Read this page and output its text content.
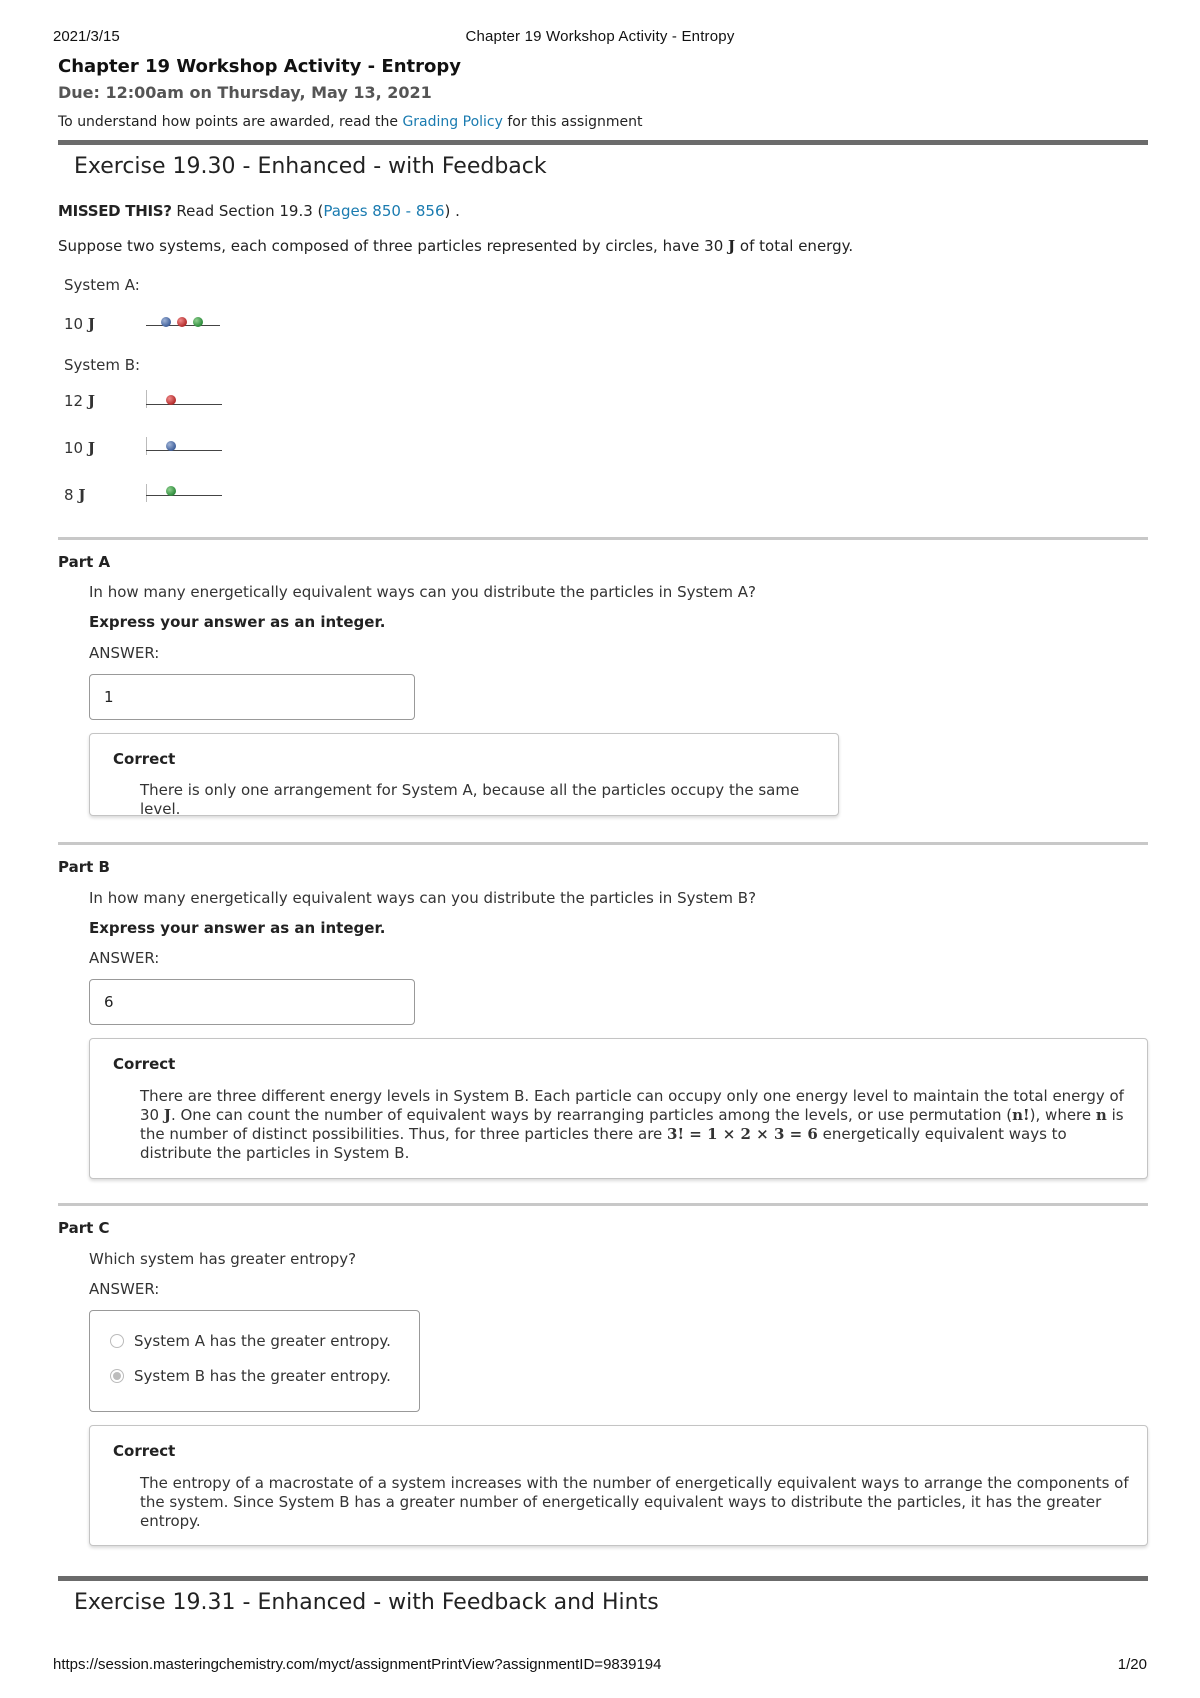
2021/3/15	Chapter 19 Workshop Activity - Entropy
Chapter 19 Workshop Activity - Entropy
Due: 12:00am on Thursday, May 13, 2021
To understand how points are awarded, read the Grading Policy for this assignment
Exercise 19.30 - Enhanced - with Feedback
MISSED THIS? Read Section 19.3 (Pages 850 - 856) .
Suppose two systems, each composed of three particles represented by circles, have 30 J of total energy.
System A:
10 J
System B:
12 J
10 J
8 J
Part A
In how many energetically equivalent ways can you distribute the particles in System A?
Express your answer as an integer.
ANSWER:
1
Correct
There is only one arrangement for System A, because all the particles occupy the same level.
Part B
In how many energetically equivalent ways can you distribute the particles in System B?
Express your answer as an integer.
ANSWER:
6
Correct
There are three different energy levels in System B. Each particle can occupy only one energy level to maintain the total energy of 30 J. One can count the number of equivalent ways by rearranging particles among the levels, or use permutation (n!), where n is the number of distinct possibilities. Thus, for three particles there are 3! = 1 × 2 × 3 = 6 energetically equivalent ways to distribute the particles in System B.
Part C
Which system has greater entropy?
ANSWER:
System A has the greater entropy.
System B has the greater entropy.
Correct
The entropy of a macrostate of a system increases with the number of energetically equivalent ways to arrange the components of the system. Since System B has a greater number of energetically equivalent ways to distribute the particles, it has the greater entropy.
Exercise 19.31 - Enhanced - with Feedback and Hints
https://session.masteringchemistry.com/myct/assignmentPrintView?assignmentID=9839194	1/20
